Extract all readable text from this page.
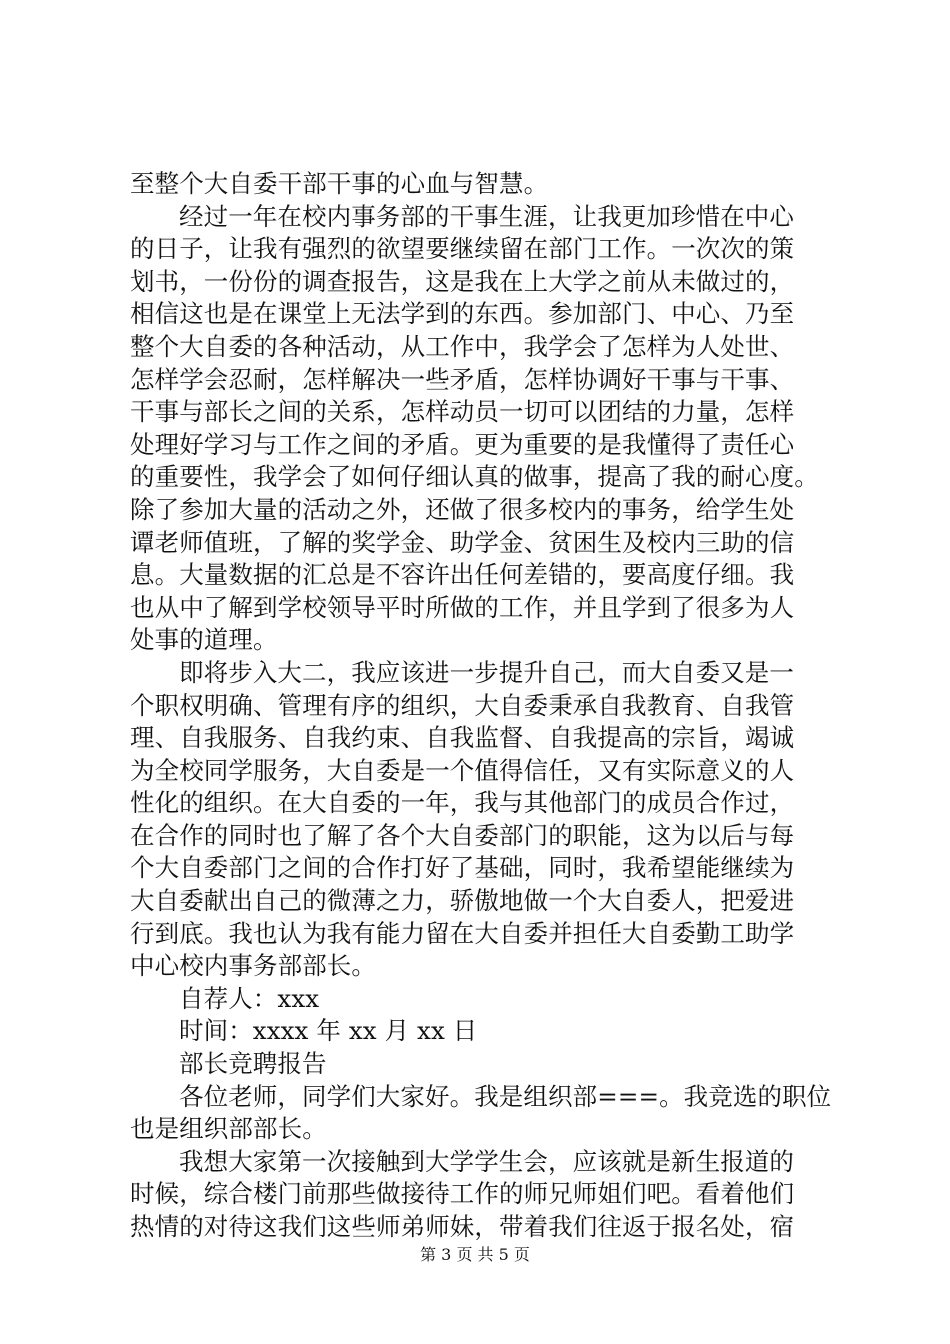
至整个大自委干部干事的心血与智慧。
经过一年在校内事务部的干事生涯，让我更加珍惜在中心
的日子，让我有强烈的欲望要继续留在部门工作。一次次的策
划书，一份份的调查报告，这是我在上大学之前从未做过的，
相信这也是在课堂上无法学到的东西。参加部门、中心、乃至
整个大自委的各种活动，从工作中，我学会了怎样为人处世、
怎样学会忍耐，怎样解决一些矛盾，怎样协调好干事与干事、
干事与部长之间的关系，怎样动员一切可以团结的力量，怎样
处理好学习与工作之间的矛盾。更为重要的是我懂得了责任心
的重要性，我学会了如何仔细认真的做事，提高了我的耐心度。
除了参加大量的活动之外，还做了很多校内的事务，给学生处
谭老师值班，了解的奖学金、助学金、贫困生及校内三助的信
息。大量数据的汇总是不容许出任何差错的，要高度仔细。我
也从中了解到学校领导平时所做的工作，并且学到了很多为人
处事的道理。
即将步入大二，我应该进一步提升自己，而大自委又是一
个职权明确、管理有序的组织，大自委秉承自我教育、自我管
理、自我服务、自我约束、自我监督、自我提高的宗旨，竭诚
为全校同学服务，大自委是一个值得信任，又有实际意义的人
性化的组织。在大自委的一年，我与其他部门的成员合作过，
在合作的同时也了解了各个大自委部门的职能，这为以后与每
个大自委部门之间的合作打好了基础，同时，我希望能继续为
大自委献出自己的微薄之力，骄傲地做一个大自委人，把爱进
行到底。我也认为我有能力留在大自委并担任大自委勤工助学
中心校内事务部部长。
自荐人：xxx
时间：xxxx 年 xx 月 xx 日
部长竞聘报告
各位老师，同学们大家好。我是组织部===。我竞选的职位
也是组织部部长。
我想大家第一次接触到大学学生会，应该就是新生报道的
时候，综合楼门前那些做接待工作的师兄师姐们吧。看着他们
热情的对待这我们这些师弟师妹，带着我们往返于报名处，宿
第 3 页 共 5 页
